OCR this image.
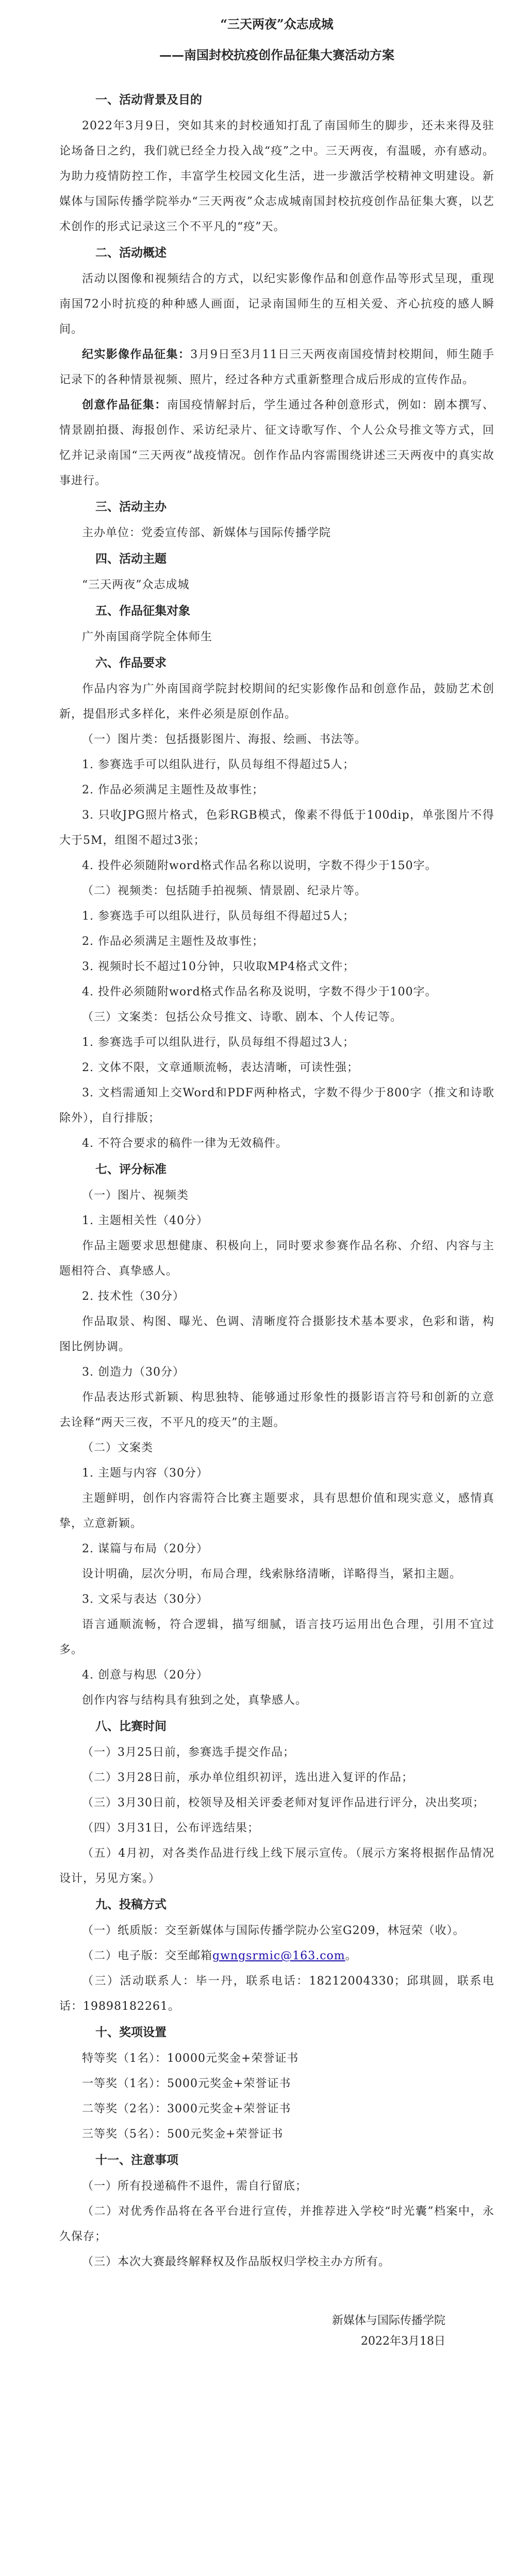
“三天两夜”众志成城
——南国封校抗疫创作品征集大赛活动方案
一、活动背景及目的
2022年3月9日，突如其来的封校通知打乱了南国师生的脚步，还未来得及驻论场备日之约，我们就已经全力投入战“疫”之中。三天两夜，有温暖，亦有感动。为助力疫情防控工作，丰富学生校园文化生活，进一步激活学校精神文明建设。新媒体与国际传播学院举办“三天两夜”众志成城南国封校抗疫创作品征集大赛，以艺术创作的形式记录这三个不平凡的“疫”天。
二、活动概述
活动以图像和视频结合的方式，以纪实影像作品和创意作品等形式呈现，重现南国72小时抗疫的种种感人画面，记录南国师生的互相关爱、齐心抗疫的感人瞬间。
纪实影像作品征集：3月9日至3月11日三天两夜南国疫情封校期间，师生随手记录下的各种情景视频、照片，经过各种方式重新整理合成后形成的宣传作品。
创意作品征集：南国疫情解封后，学生通过各种创意形式，例如：剧本撰写、情景剧拍摄、海报创作、采访纪录片、征文诗歌写作、个人公众号推文等方式，回忆并记录南国“三天两夜”战疫情况。创作作品内容需围绕讲述三天两夜中的真实故事进行。
三、活动主办
主办单位：党委宣传部、新媒体与国际传播学院
四、活动主题
“三天两夜”众志成城
五、作品征集对象
广外南国商学院全体师生
六、作品要求
作品内容为广外南国商学院封校期间的纪实影像作品和创意作品，鼓励艺术创新，提倡形式多样化，来件必须是原创作品。
（一）图片类：包括摄影图片、海报、绘画、书法等。
1. 参赛选手可以组队进行，队员每组不得超过5人；
2. 作品必须满足主题性及故事性；
3. 只收JPG照片格式，色彩RGB模式，像素不得低于100dip，单张图片不得大于5M，组图不超过3张；
4. 投件必须随附word格式作品名称以说明，字数不得少于150字。
（二）视频类：包括随手拍视频、情景剧、纪录片等。
1. 参赛选手可以组队进行，队员每组不得超过5人；
2. 作品必须满足主题性及故事性；
3. 视频时长不超过10分钟，只收取MP4格式文件；
4. 投件必须随附word格式作品名称及说明，字数不得少于100字。
（三）文案类：包括公众号推文、诗歌、剧本、个人传记等。
1. 参赛选手可以组队进行，队员每组不得超过3人；
2. 文体不限，文章通顺流畅，表达清晰，可读性强；
3. 文档需通知上交Word和PDF两种格式，字数不得少于800字（推文和诗歌除外），自行排版；
4. 不符合要求的稿件一律为无效稿件。
七、评分标准
（一）图片、视频类
1. 主题相关性（40分）
作品主题要求思想健康、积极向上，同时要求参赛作品名称、介绍、内容与主题相符合、真挚感人。
2. 技术性（30分）
作品取景、构图、曝光、色调、清晰度符合摄影技术基本要求，色彩和谐，构图比例协调。
3. 创造力（30分）
作品表达形式新颖、构思独特、能够通过形象性的摄影语言符号和创新的立意去诠释“两天三夜，不平凡的疫天”的主题。
（二）文案类
1. 主题与内容（30分）
主题鲜明，创作内容需符合比赛主题要求，具有思想价值和现实意义，感情真挚，立意新颖。
2. 谋篇与布局（20分）
设计明确，层次分明，布局合理，线索脉络清晰，详略得当，紧扣主题。
3. 文采与表达（30分）
语言通顺流畅，符合逻辑，描写细腻，语言技巧运用出色合理，引用不宜过多。
4. 创意与构思（20分）
创作内容与结构具有独到之处，真挚感人。
八、比赛时间
（一）3月25日前，参赛选手提交作品；
（二）3月28日前，承办单位组织初评，选出进入复评的作品；
（三）3月30日前，校领导及相关评委老师对复评作品进行评分，决出奖项；
（四）3月31日，公布评选结果；
（五）4月初，对各类作品进行线上线下展示宣传。（展示方案将根据作品情况设计，另见方案。）
九、投稿方式
（一）纸质版：交至新媒体与国际传播学院办公室G209，林冠荣（收）。
（二）电子版：交至邮箱gwngsrmic@163.com。
（三）活动联系人：毕一丹，联系电话：18212004330；邱琪圆，联系电话：19898182261。
十、奖项设置
特等奖（1名）：10000元奖金+荣誉证书
一等奖（1名）：5000元奖金+荣誉证书
二等奖（2名）：3000元奖金+荣誉证书
三等奖（5名）：500元奖金+荣誉证书
十一、注意事项
（一）所有投递稿件不退件，需自行留底；
（二）对优秀作品将在各平台进行宣传，并推荐进入学校“时光囊”档案中，永久保存；
（三）本次大赛最终解释权及作品版权归学校主办方所有。
新媒体与国际传播学院
2022年3月18日
